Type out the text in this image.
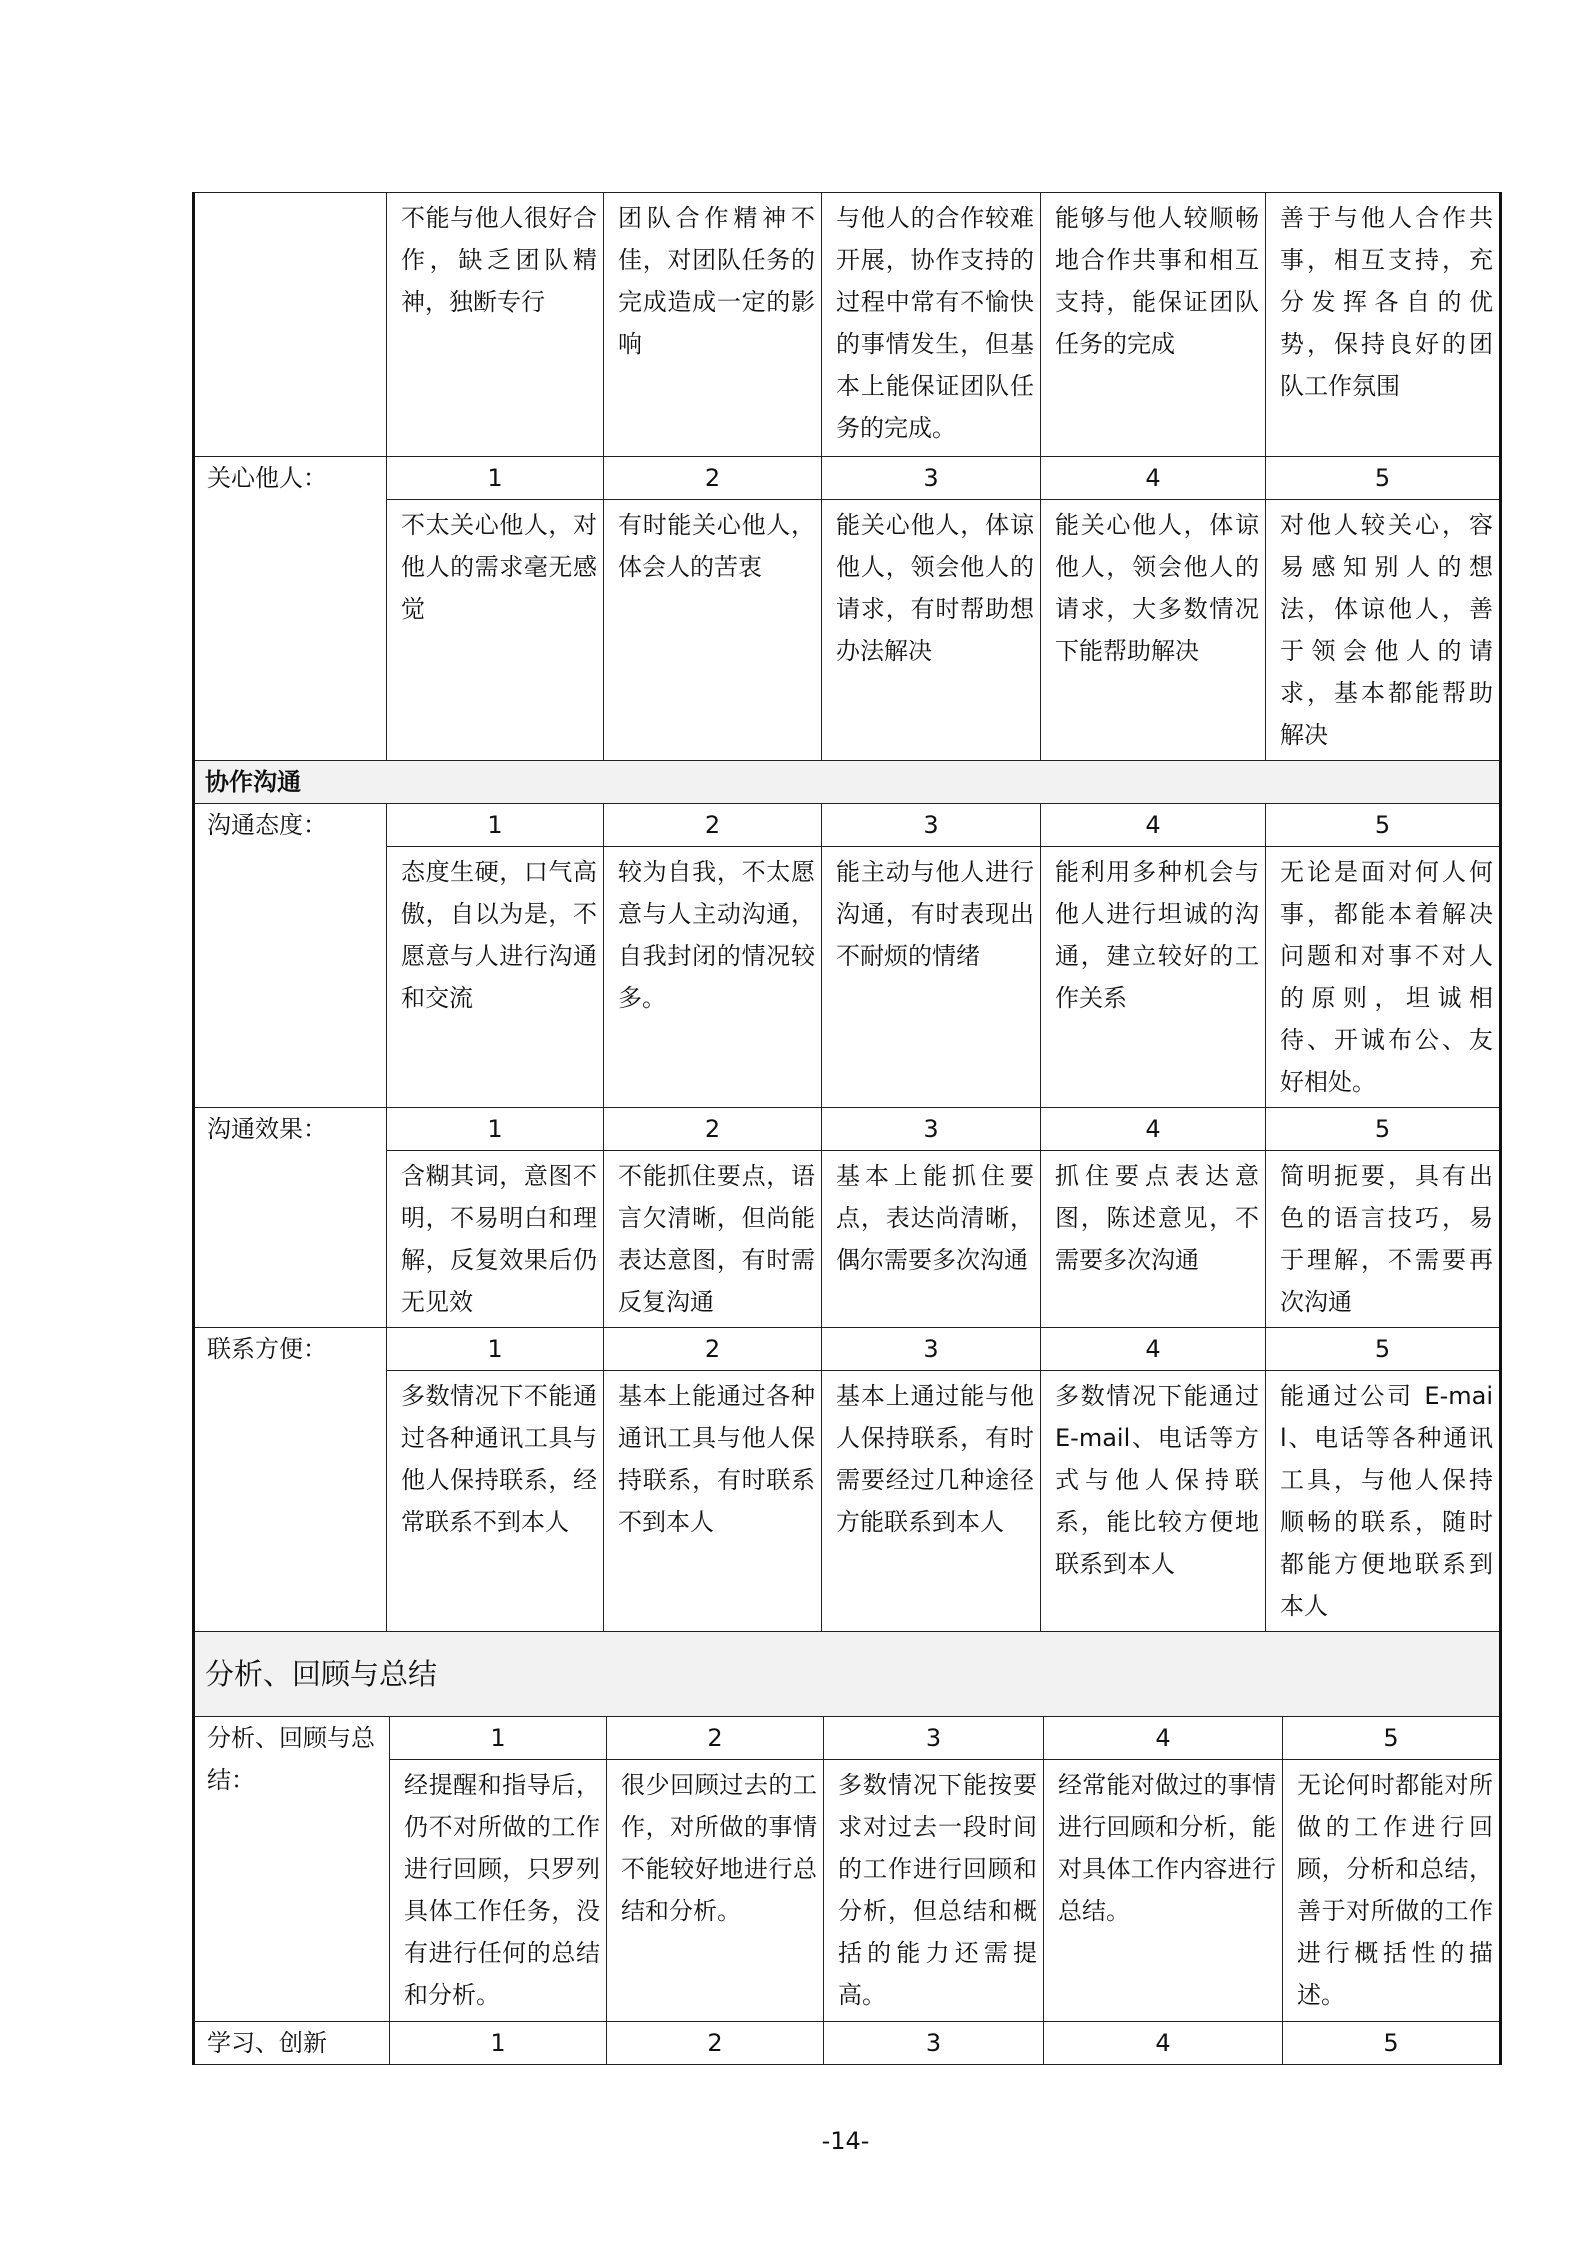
	不能与他人很好合作，缺乏团队精神，独断专行	团队合作精神不佳，对团队任务的完成造成一定的影响	与他人的合作较难开展，协作支持的过程中常有不愉快的事情发生，但基本上能保证团队任务的完成。	能够与他人较顺畅地合作共事和相互支持，能保证团队任务的完成	善于与他人合作共事，相互支持，充分发挥各自的优势，保持良好的团队工作氛围
关心他人：	1	2	3	4	5
	不太关心他人，对他人的需求毫无感觉	有时能关心他人，体会人的苦衷	能关心他人，体谅他人，领会他人的请求，有时帮助想办法解决	能关心他人，体谅他人，领会他人的请求，大多数情况下能帮助解决	对他人较关心，容易感知别人的想法，体谅他人，善于领会他人的请求，基本都能帮助解决
协作沟通					
沟通态度：	1	2	3	4	5
	态度生硬，口气高傲，自以为是，不愿意与人进行沟通和交流	较为自我，不太愿意与人主动沟通，自我封闭的情况较多。	能主动与他人进行沟通，有时表现出不耐烦的情绪	能利用多种机会与他人进行坦诚的沟通，建立较好的工作关系	无论是面对何人何事，都能本着解决问题和对事不对人的原则，坦诚相待、开诚布公、友好相处。
沟通效果：	1	2	3	4	5
	含糊其词，意图不明，不易明白和理解，反复效果后仍无见效	不能抓住要点，语言欠清晰，但尚能表达意图，有时需反复沟通	基本上能抓住要点，表达尚清晰，偶尔需要多次沟通	抓住要点表达意图，陈述意见，不需要多次沟通	简明扼要，具有出色的语言技巧，易于理解，不需要再次沟通
联系方便：	1	2	3	4	5
	多数情况下不能通过各种通讯工具与他人保持联系，经常联系不到本人	基本上能通过各种通讯工具与他人保持联系，有时联系不到本人	基本上通过能与他人保持联系，有时需要经过几种途径方能联系到本人	多数情况下能通过 E-mail、电话等方式与他人保持联系，能比较方便地联系到本人	能通过公司 E-mail、电话等各种通讯工具，与他人保持顺畅的联系，随时都能方便地联系到本人
分析、回顾与总结					
分析、回顾与总结：	1	2	3	4	5
	经提醒和指导后，仍不对所做的工作进行回顾，只罗列具体工作任务，没有进行任何的总结和分析。	很少回顾过去的工作，对所做的事情不能较好地进行总结和分析。	多数情况下能按要求对过去一段时间的工作进行回顾和分析，但总结和概括的能力还需提高。	经常能对做过的事情进行回顾和分析，能对具体工作内容进行总结。	无论何时都能对所做的工作进行回顾，分析和总结，善于对所做的工作进行概括性的描述。
学习、创新	1	2	3	4	5
-14-
